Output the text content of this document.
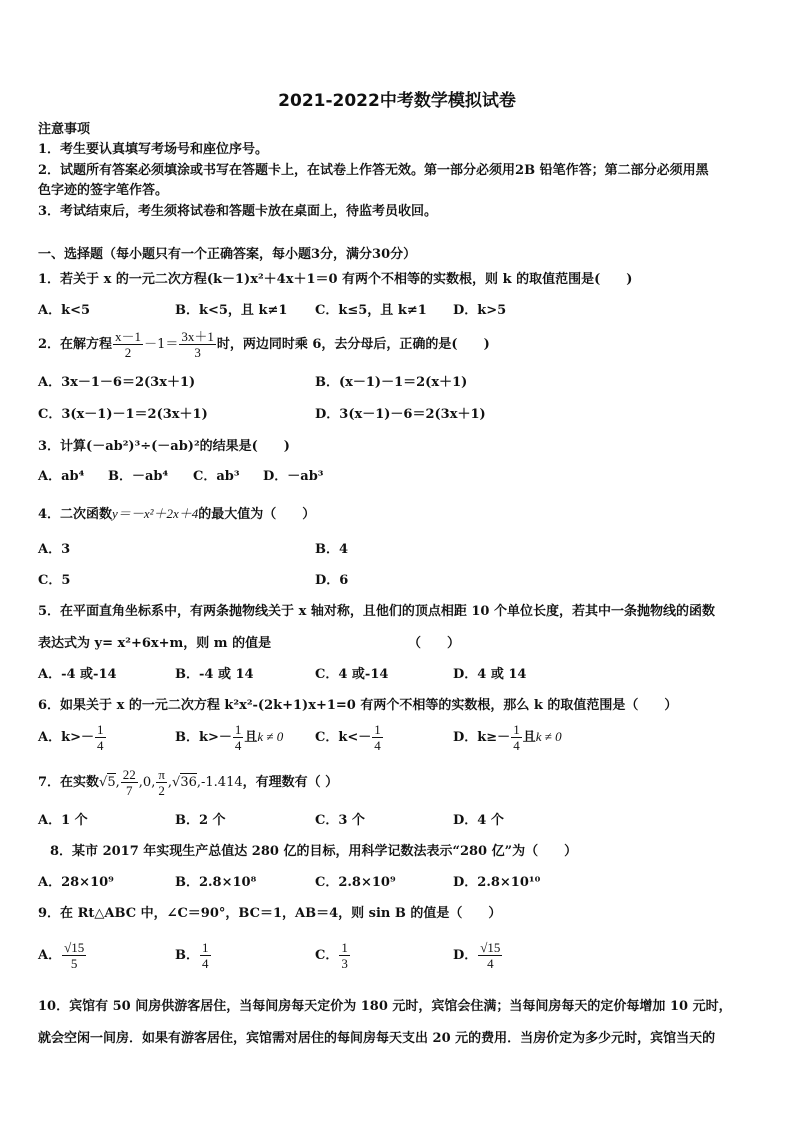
2021-2022中考数学模拟试卷
注意事项
1．考生要认真填写考场号和座位序号。
2．试题所有答案必须填涂或书写在答题卡上，在试卷上作答无效。第一部分必须用2B 铅笔作答；第二部分必须用黑
色字迹的签字笔作答。
3．考试结束后，考生须将试卷和答题卡放在桌面上，待监考员收回。
一、选择题（每小题只有一个正确答案，每小题3分，满分30分）
1．若关于 x 的一元二次方程(k－1)x²＋4x＋1＝0 有两个不相等的实数根，则 k 的取值范围是(　　)
A．k<5	B．k<5，且 k≠1 C．k≤5，且 k≠1 D．k>5
2．在解方程 $\frac{x-1}{2} -1= \frac{3x+1}{3}$ 时，两边同时乘 6，去分母后，正确的是(　　)
A．3x－1－6＝2(3x＋1)	B．(x－1)－1＝2(x＋1)
C．3(x－1)－1＝2(3x＋1)	D．3(x－1)－6＝2(3x＋1)
3．计算(－ab²)³÷(－ab)²的结果是(　　)
A．ab⁴ B．－ab⁴ C．ab³ D．－ab³
4．二次函数y＝－x²＋2x＋4的最大值为（　　）
A．3	B．4
C．5	D．6
5．在平面直角坐标系中，有两条抛物线关于 x 轴对称，且他们的顶点相距 10 个单位长度，若其中一条抛物线的函数
表达式为 y= x²+6x+m，则 m 的值是	（　　）
A．-4 或-14	B．-4 或 14	C．4 或-14	D．4 或 14
6．如果关于 x 的一元二次方程 k²x²-(2k+1)x+1=0 有两个不相等的实数根，那么 k 的取值范围是（　　）
A．$k>- \frac{1}{4}$	B．$k>- \frac{1}{4}$ 且k ≠ 0 C．$k<- \frac{1}{4}$	D．$k\ge- \frac{1}{4}$ 且k ≠ 0
7．在实数√5, $\frac{22}{7} ,0$, $\frac{\pi}{2} ,√36,-1.414$，有理数有（ ）
A．1 个	B．2 个	C．3 个	D．4 个
8．某市 2017 年实现生产总值达 280 亿的目标，用科学记数法表示“280 亿”为（　　）
A．28×10⁹	B．2.8×10⁸	C．2.8×10⁹	D．2.8×10¹⁰
9．在 Rt△ABC 中，∠C＝90°，BC＝1，AB＝4，则 sin B 的值是（　　）
A． $\frac{√15}{5}$	B． $\frac{1}{4}$	C． $\frac{1}{3}$	D． $\frac{√15}{4}$
10．宾馆有 50 间房供游客居住，当每间房每天定价为 180 元时，宾馆会住满；当每间房每天的定价每增加 10 元时，
就会空闲一间房．如果有游客居住，宾馆需对居住的每间房每天支出 20 元的费用．当房价定为多少元时，宾馆当天的
